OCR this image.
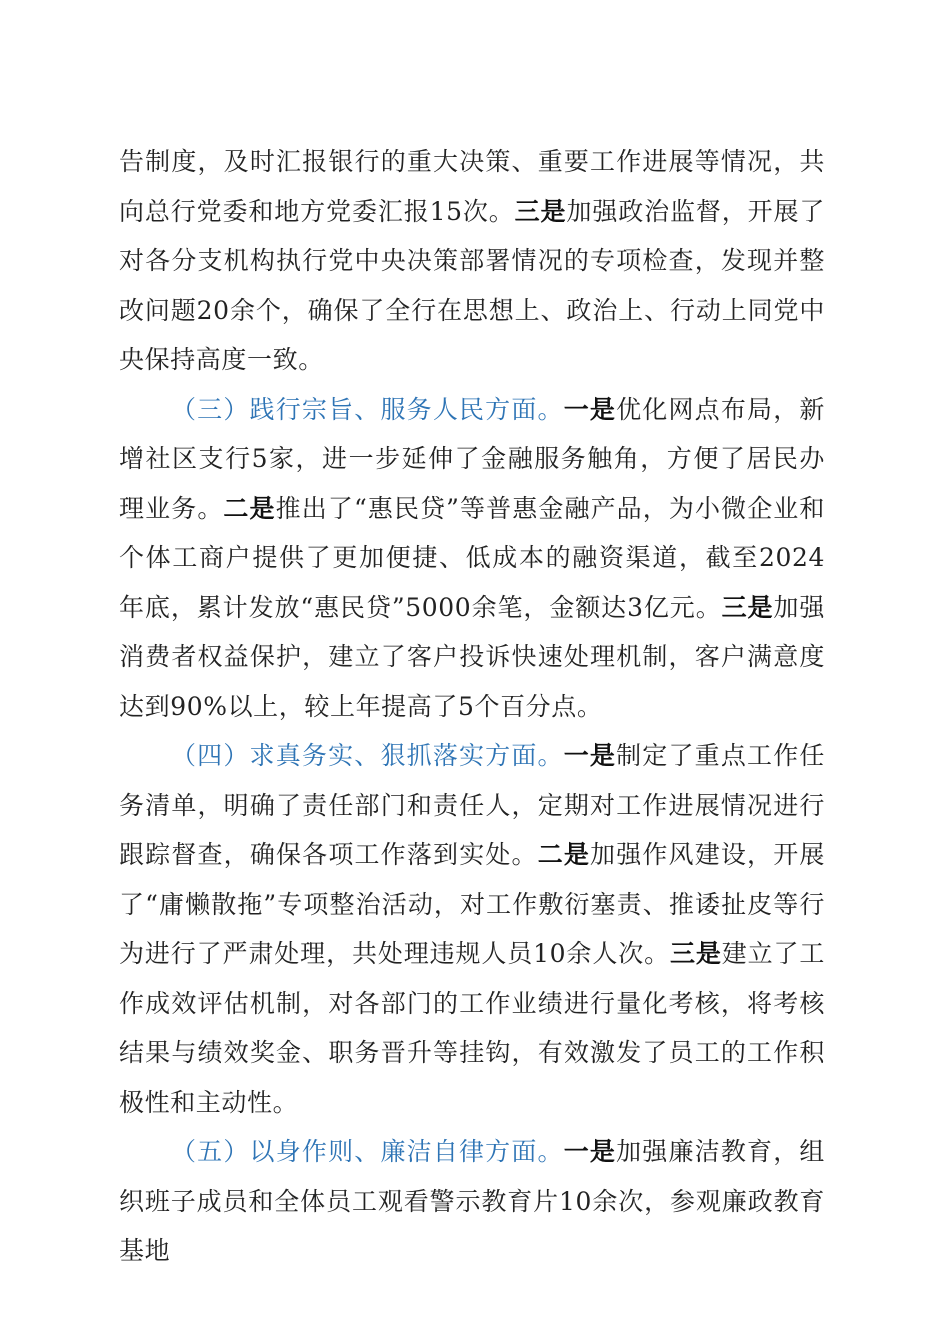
告制度，及时汇报银行的重大决策、重要工作进展等情况，共向总行党委和地方党委汇报15次。三是加强政治监督，开展了对各分支机构执行党中央决策部署情况的专项检查，发现并整改问题20余个，确保了全行在思想上、政治上、行动上同党中央保持高度一致。

（三）践行宗旨、服务人民方面。一是优化网点布局，新增社区支行5家，进一步延伸了金融服务触角，方便了居民办理业务。二是推出了“惠民贷”等普惠金融产品，为小微企业和个体工商户提供了更加便捷、低成本的融资渠道，截至2024年底，累计发放“惠民贷”5000余笔，金额达3亿元。三是加强消费者权益保护，建立了客户投诉快速处理机制，客户满意度达到90%以上，较上年提高了5个百分点。

（四）求真务实、狠抓落实方面。一是制定了重点工作任务清单，明确了责任部门和责任人，定期对工作进展情况进行跟踪督查，确保各项工作落到实处。二是加强作风建设，开展了“庸懒散拖”专项整治活动，对工作敷衍塞责、推诿扯皮等行为进行了严肃处理，共处理违规人员10余人次。三是建立了工作成效评估机制，对各部门的工作业绩进行量化考核，将考核结果与绩效奖金、职务晋升等挂钩，有效激发了员工的工作积极性和主动性。

（五）以身作则、廉洁自律方面。一是加强廉洁教育，组织班子成员和全体员工观看警示教育片10余次，参观廉政教育基地
